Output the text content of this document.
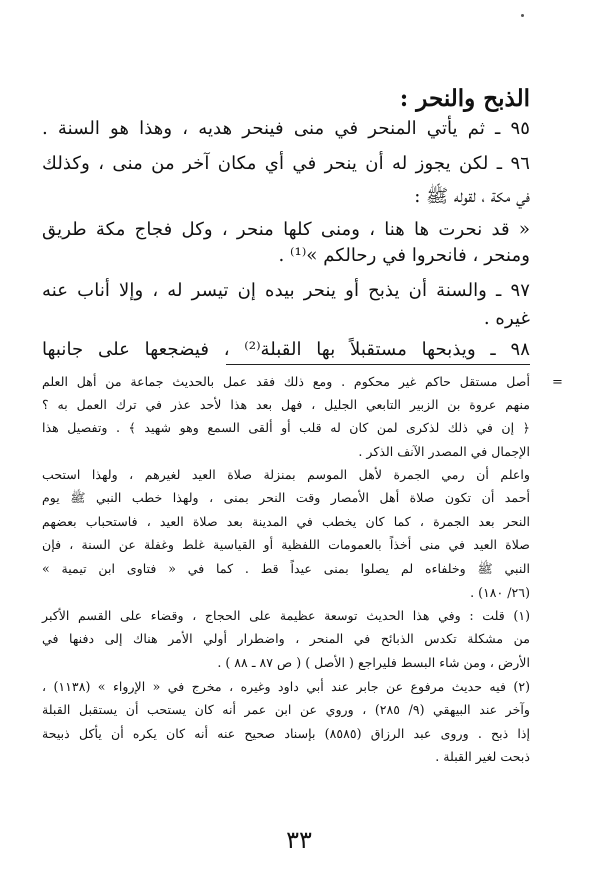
الذبح والنحر :
٩٥ ـ ثم يأتي المنحر في منى فينحر هديه ، وهذا هو السنة .
٩٦ ـ لكن يجوز له أن ينحر في أي مكان آخر من منى ، وكذلك
في مكة ، لقوله ﷺ :
« قد نحرت ها هنا ، ومنى كلها منحر ، وكل فجاج مكة طريق
ومنحر ، فانحروا في رحالكم »⁽¹⁾ .
٩٧ ـ والسنة أن يذبح أو ينحر بيده إن تيسر له ، وإلا أناب عنه
غيره .
٩٨ ـ ويذبحها مستقبلاً بها القبلة⁽²⁾ ، فيضجعها على جانبها
=
أصل مستقل حاكم غير محكوم . ومع ذلك فقد عمل بالحديث جماعة من أهل العلم
منهم عروة بن الزبير التابعي الجليل ، فهل بعد هذا لأحد عذر في ترك العمل به ؟
﴿ إن في ذلك لذكرى لمن كان له قلب أو ألقى السمع وهو شهيد ﴾ . وتفصيل هذا
الإجمال في المصدر الآنف الذكر .
واعلم أن رمي الجمرة لأهل الموسم بمنزلة صلاة العيد لغيرهم ، ولهذا استحب
أحمد أن تكون صلاة أهل الأمصار وقت النحر بمنى ، ولهذا خطب النبي ﷺ يوم
النحر بعد الجمرة ، كما كان يخطب في المدينة بعد صلاة العيد ، فاستحباب بعضهم
صلاة العيد في منى أخذاً بالعمومات اللفظية أو القياسية غلط وغفلة عن السنة ، فإن
النبي ﷺ وخلفاءه لم يصلوا بمنى عيداً قط . كما في « فتاوى ابن تيمية »
(٢٦/ ١٨٠) .
(١) قلت : وفي هذا الحديث توسعة عظيمة على الحجاج ، وقضاء على القسم الأكبر
من مشكلة تكدس الذبائح في المنحر ، واضطرار أولي الأمر هناك إلى دفنها في
الأرض ، ومن شاء البسط فليراجع ( الأصل ) ( ص ٨٧ ـ ٨٨ ) .
(٢) فيه حديث مرفوع عن جابر عند أبي داود وغيره ، مخرج في « الإرواء » (١١٣٨) ،
وآخر عند البيهقي (٩/ ٢٨٥) ، وروي عن ابن عمر أنه كان يستحب أن يستقبل القبلة
إذا ذبح . وروى عبد الرزاق (٨٥٨٥) بإسناد صحيح عنه أنه كان يكره أن يأكل ذبيحة
ذبحت لغير القبلة .
٣٣
